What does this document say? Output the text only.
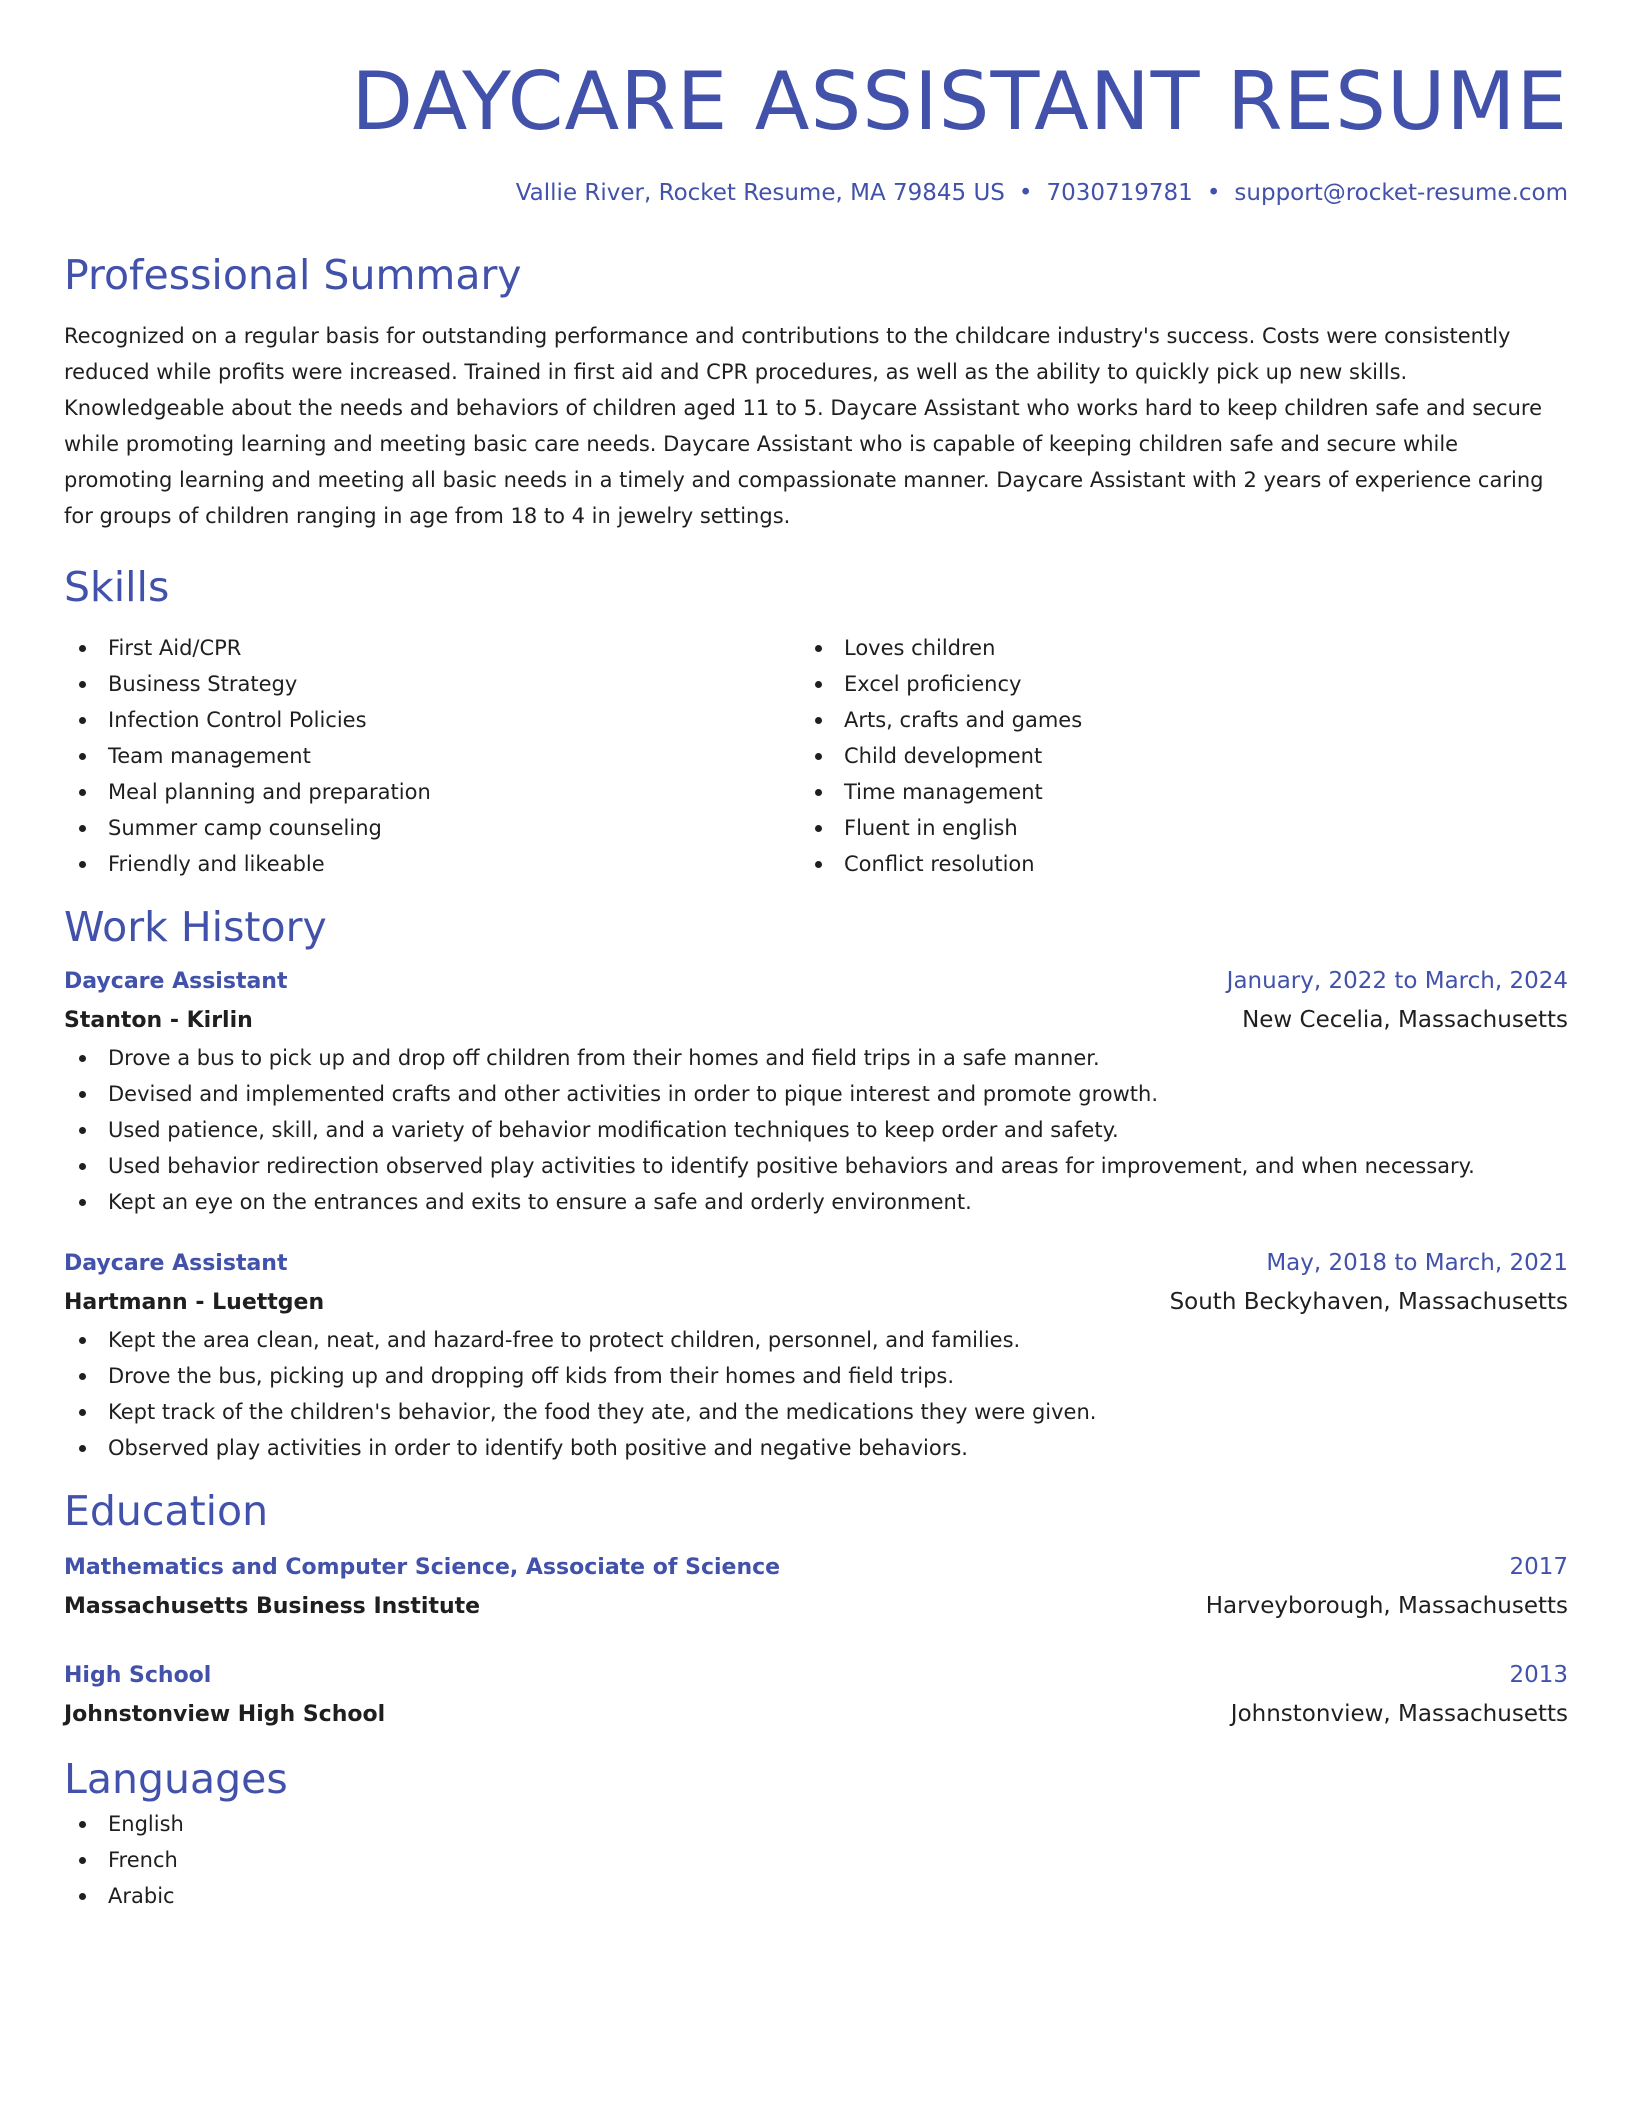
DAYCARE ASSISTANT RESUME
Vallie River, Rocket Resume, MA 79845 US • 7030719781 • support@rocket-resume.com
Professional Summary

Recognized on a regular basis for outstanding performance and contributions to the childcare industry's success. Costs were consistently reduced while profits were increased. Trained in first aid and CPR procedures, as well as the ability to quickly pick up new skills. Knowledgeable about the needs and behaviors of children aged 11 to 5. Daycare Assistant who works hard to keep children safe and secure while promoting learning and meeting basic care needs. Daycare Assistant who is capable of keeping children safe and secure while promoting learning and meeting all basic needs in a timely and compassionate manner. Daycare Assistant with 2 years of experience caring for groups of children ranging in age from 18 to 4 in jewelry settings.

Skills
First Aid/CPR
Business Strategy
Infection Control Policies
Team management
Meal planning and preparation
Summer camp counseling
Friendly and likeable
Loves children
Excel proficiency
Arts, crafts and games
Child development
Time management
Fluent in english
Conflict resolution
Work History
Daycare Assistant	January, 2022 to March, 2024
Stanton - Kirlin	New Cecelia, Massachusetts
Drove a bus to pick up and drop off children from their homes and field trips in a safe manner.
Devised and implemented crafts and other activities in order to pique interest and promote growth.
Used patience, skill, and a variety of behavior modification techniques to keep order and safety.
Used behavior redirection observed play activities to identify positive behaviors and areas for improvement, and when necessary.
Kept an eye on the entrances and exits to ensure a safe and orderly environment.
Daycare Assistant	May, 2018 to March, 2021
Hartmann - Luettgen	South Beckyhaven, Massachusetts
Kept the area clean, neat, and hazard-free to protect children, personnel, and families.
Drove the bus, picking up and dropping off kids from their homes and field trips.
Kept track of the children's behavior, the food they ate, and the medications they were given.
Observed play activities in order to identify both positive and negative behaviors.
Education
Mathematics and Computer Science, Associate of Science	2017
Massachusetts Business Institute	Harveyborough, Massachusetts
High School	2013
Johnstonview High School	Johnstonview, Massachusetts
Languages
English
French
Arabic
